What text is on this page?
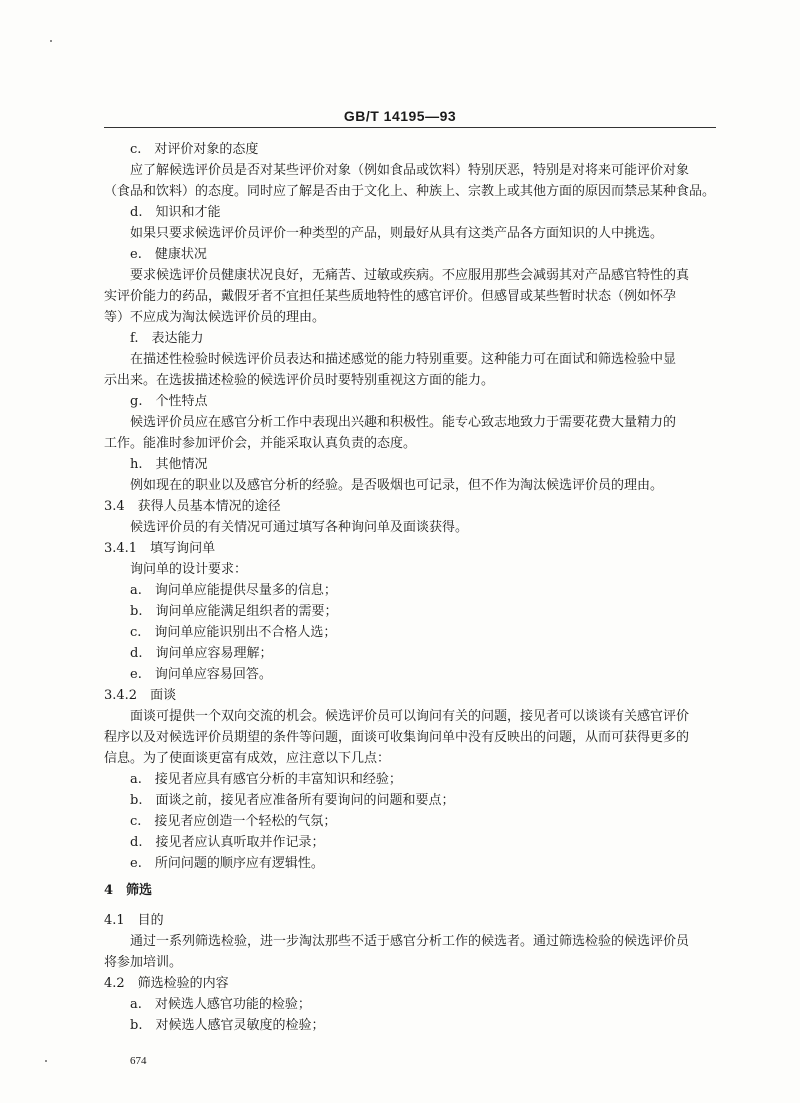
GB/T 14195—93
c.　对评价对象的态度
应了解候选评价员是否对某些评价对象（例如食品或饮料）特别厌恶，特别是对将来可能评价对象
（食品和饮料）的态度。同时应了解是否由于文化上、种族上、宗教上或其他方面的原因而禁忌某种食品。
d.　知识和才能
如果只要求候选评价员评价一种类型的产品，则最好从具有这类产品各方面知识的人中挑选。
e.　健康状况
要求候选评价员健康状况良好，无痛苦、过敏或疾病。不应服用那些会减弱其对产品感官特性的真
实评价能力的药品，戴假牙者不宜担任某些质地特性的感官评价。但感冒或某些暂时状态（例如怀孕
等）不应成为淘汰候选评价员的理由。
f.　表达能力
在描述性检验时候选评价员表达和描述感觉的能力特别重要。这种能力可在面试和筛选检验中显
示出来。在选拔描述检验的候选评价员时要特别重视这方面的能力。
g.　个性特点
候选评价员应在感官分析工作中表现出兴趣和积极性。能专心致志地致力于需要花费大量精力的
工作。能准时参加评价会，并能采取认真负责的态度。
h.　其他情况
例如现在的职业以及感官分析的经验。是否吸烟也可记录，但不作为淘汰候选评价员的理由。
3.4　获得人员基本情况的途径
候选评价员的有关情况可通过填写各种询问单及面谈获得。
3.4.1　填写询问单
询问单的设计要求：
a.　询问单应能提供尽量多的信息；
b.　询问单应能满足组织者的需要；
c.　询问单应能识别出不合格人选；
d.　询问单应容易理解；
e.　询问单应容易回答。
3.4.2　面谈
面谈可提供一个双向交流的机会。候选评价员可以询问有关的问题，接见者可以谈谈有关感官评价
程序以及对候选评价员期望的条件等问题，面谈可收集询问单中没有反映出的问题，从而可获得更多的
信息。为了使面谈更富有成效，应注意以下几点：
a.　接见者应具有感官分析的丰富知识和经验；
b.　面谈之前，接见者应准备所有要询问的问题和要点；
c.　接见者应创造一个轻松的气氛；
d.　接见者应认真听取并作记录；
e.　所问问题的顺序应有逻辑性。
4　筛选
4.1　目的
通过一系列筛选检验，进一步淘汰那些不适于感官分析工作的候选者。通过筛选检验的候选评价员
将参加培训。
4.2　筛选检验的内容
a.　对候选人感官功能的检验；
b.　对候选人感官灵敏度的检验；
674
